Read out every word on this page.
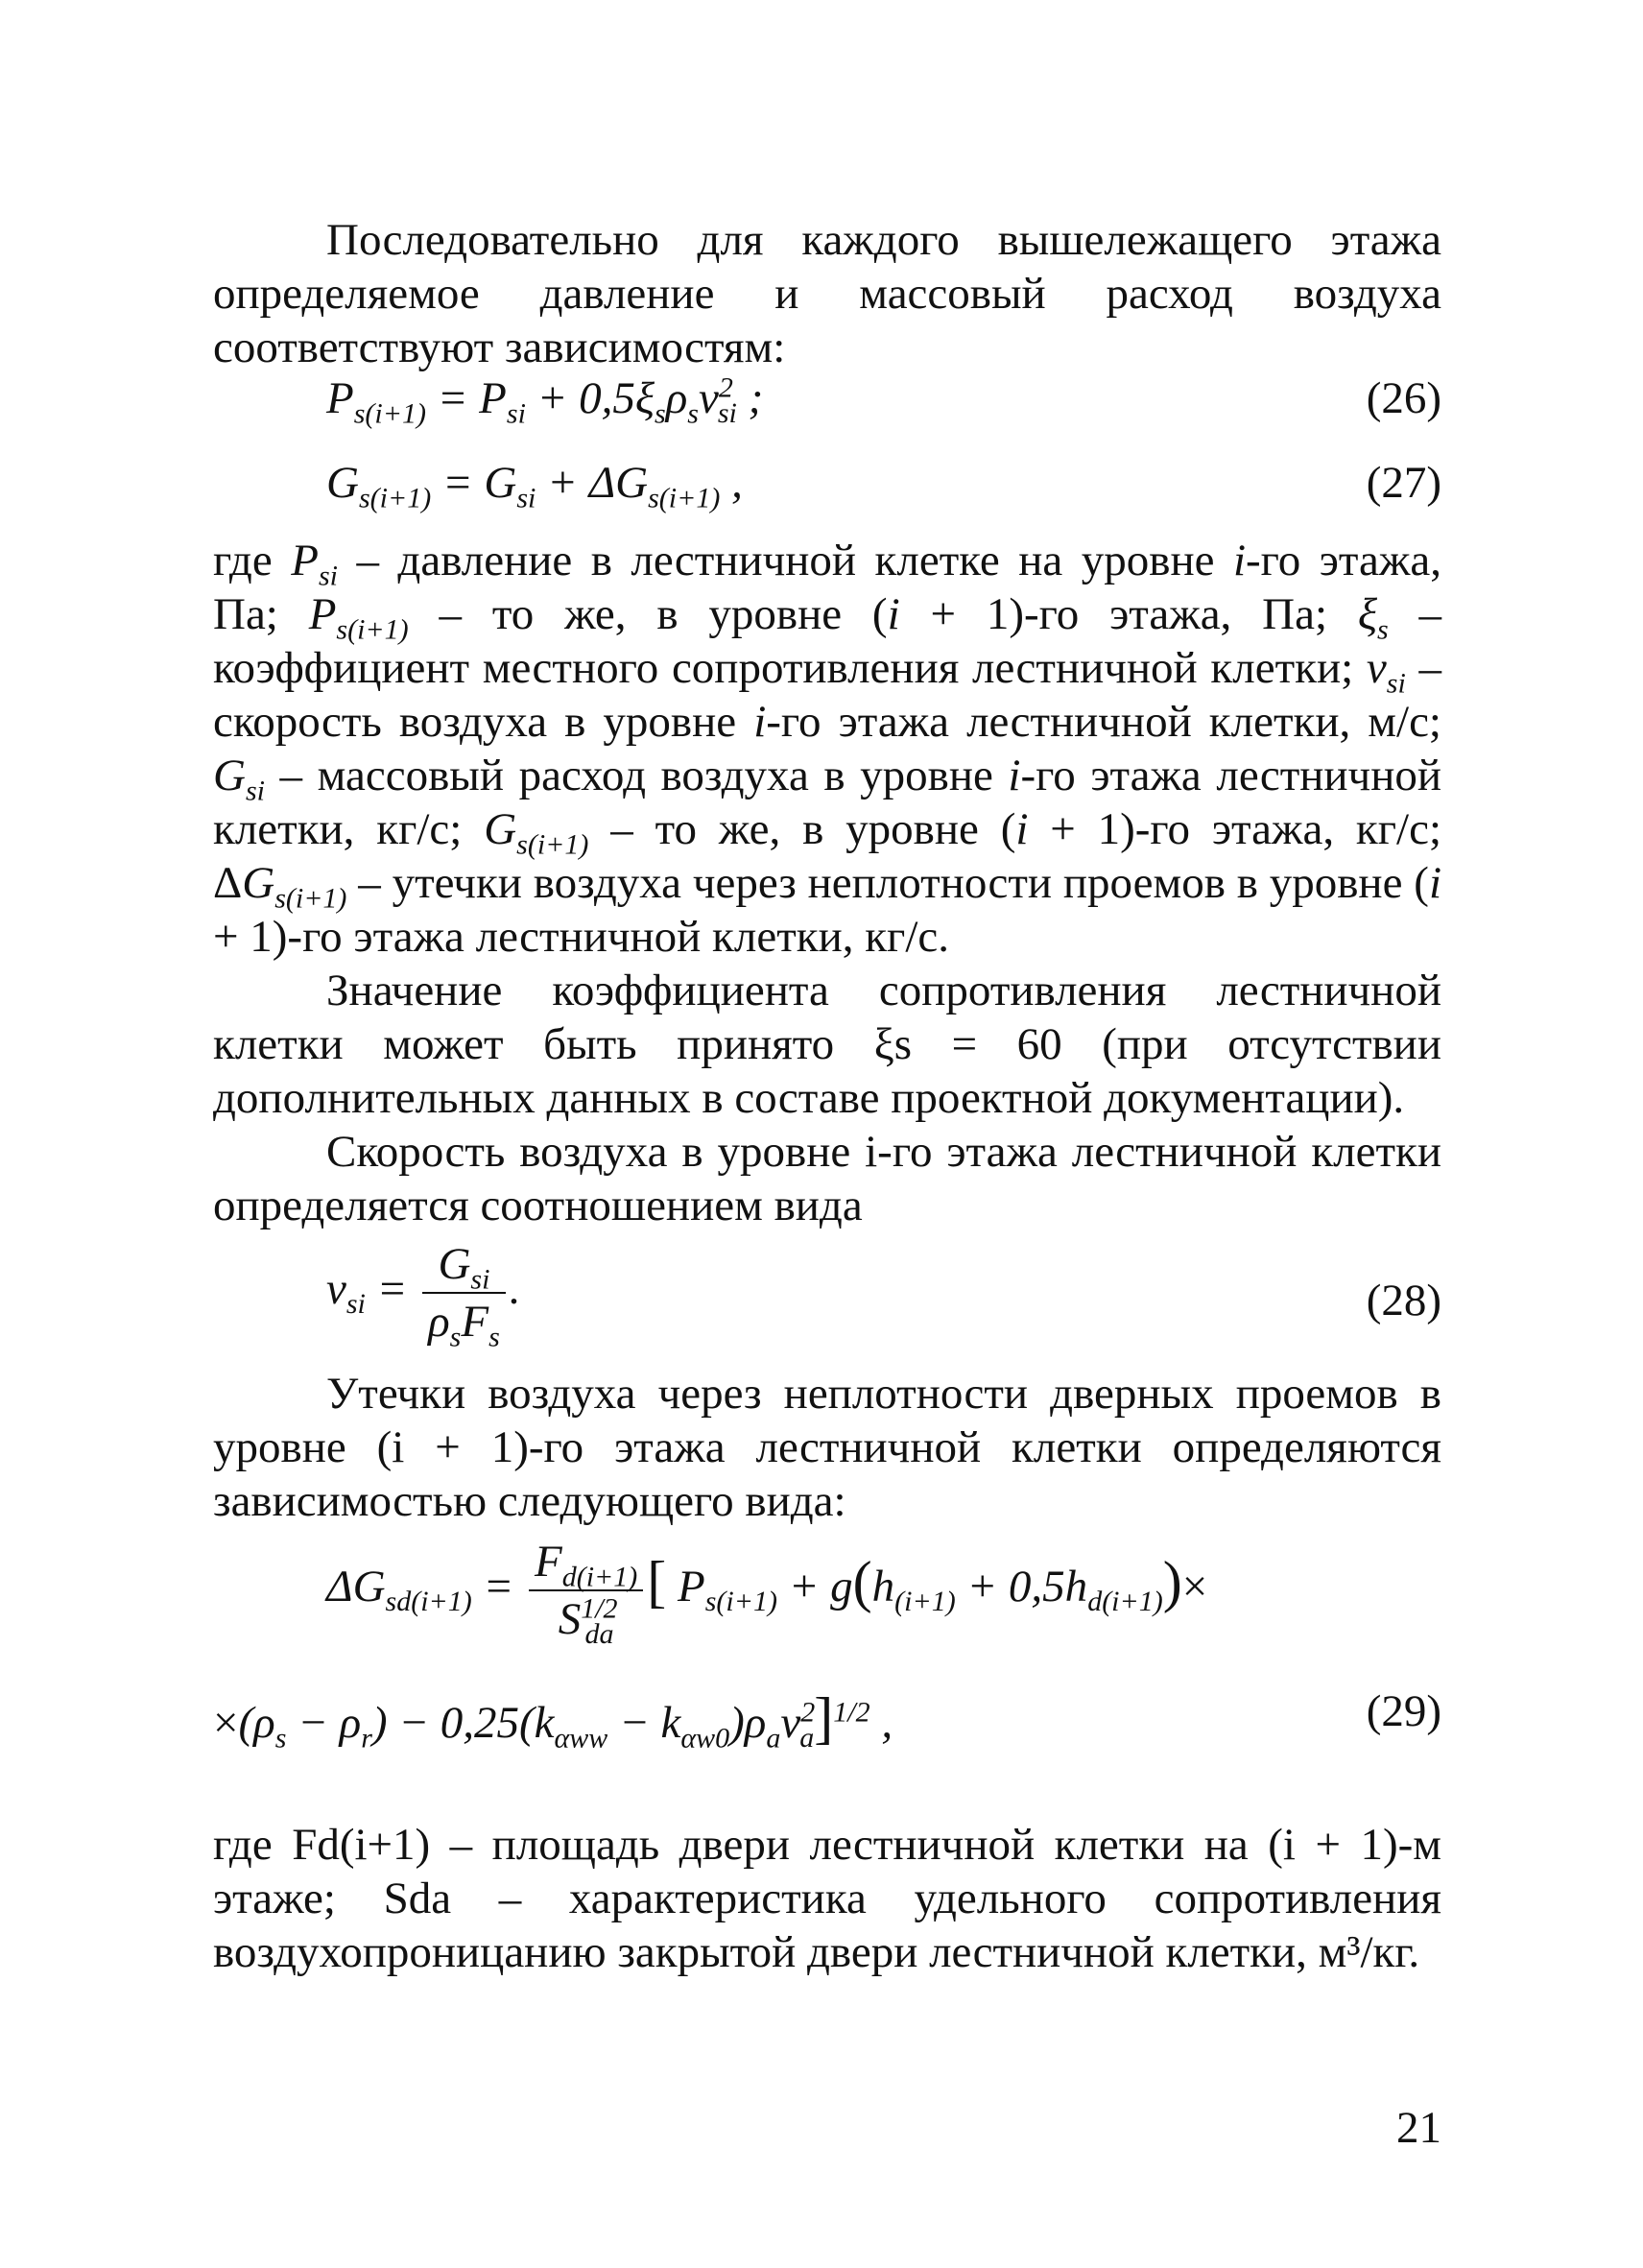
Последовательно для каждого вышележащего этажа определяемое давление и массовый расход воздуха соответствуют зависимостям:

$P_{s(i+1)} = P_{si} + 0,5\xi_s\rho_sv^2_{si}$ ;	(26)
$G_{s(i+1)} = G_{si} + \Delta G_{s(i+1)}$ ,	(27)

где $P_{si}$ – давление в лестничной клетке на уровне i-го этажа, Па; $P_{s(i+1)}$ – то же, в уровне (i + 1)-го этажа, Па; $\xi_s$ – коэффициент местного сопротивления лестничной клетки; $v_{si}$ – скорость воздуха в уровне i-го этажа лестничной клетки, м/с; $G_{si}$ – массовый расход воздуха в уровне i-го этажа лестничной клетки, кг/с; $G_{s(i+1)}$ – то же, в уровне (i + 1)-го этажа, кг/с; $\Delta G_{s(i+1)}$ – утечки воздуха через неплотности проемов в уровне (i + 1)-го этажа лестничной клетки, кг/с.

Значение коэффициента сопротивления лестничной клетки может быть принято ξs = 60 (при отсутствии дополнительных данных в составе проектной документации).

Скорость воздуха в уровне i-го этажа лестничной клетки определяется соотношением вида

$v_{si} = \frac{G_{si}}{\rho_sF_s}$ .	(28)

Утечки воздуха через неплотности дверных проемов в уровне (i + 1)-го этажа лестничной клетки определяются зависимостью следующего вида:

$\Delta G_{sd(i+1)} = \frac{F_{d(i+1)}}{S^{1/2}_{da}}$ [ $P_{s(i+1)} + g(h_{(i+1)} + 0,5h_{d(i+1)})\times$
$\times(\rho_s - \rho_r) - 0,25(k_{\alpha ww} - k_{\alpha w0})\rho_av^2_a]^{1/2}$ ,	(29)

где Fd(i+1) – площадь двери лестничной клетки на (i + 1)-м этаже; Sda – характеристика удельного сопротивления воздухопроницанию закрытой двери лестничной клетки, м³/кг.

21
